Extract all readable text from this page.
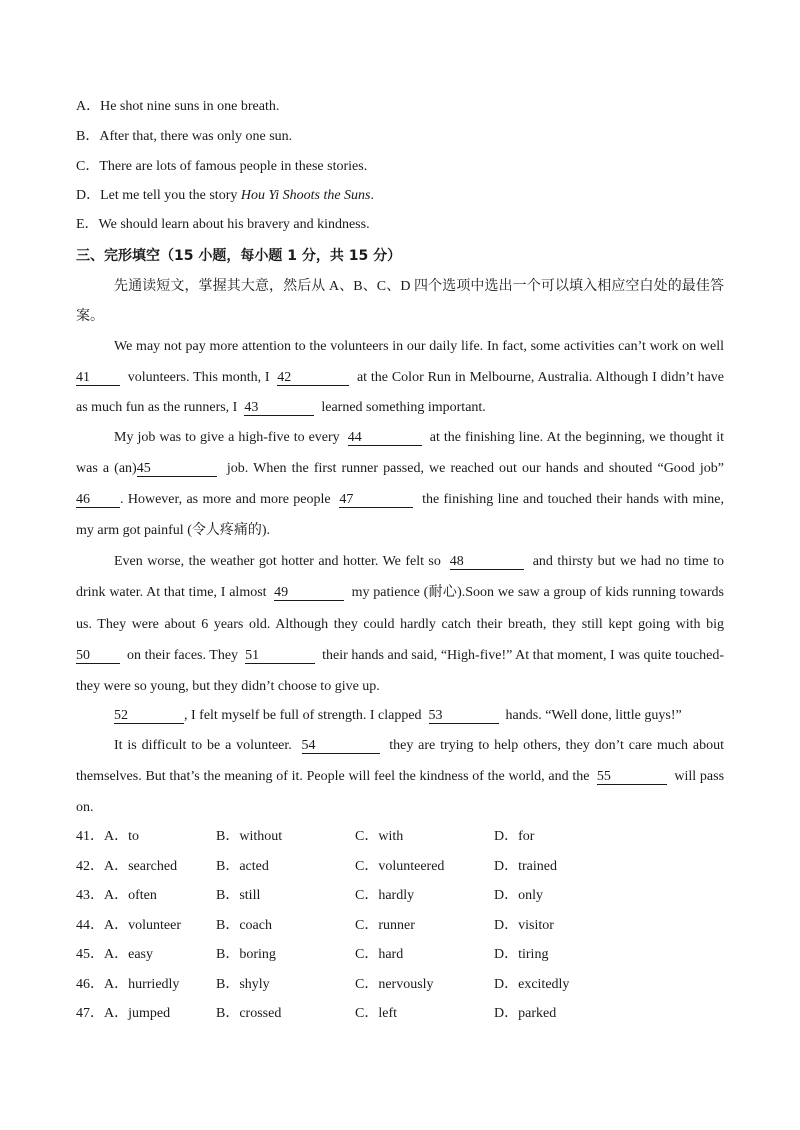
A．He shot nine suns in one breath.
B．After that, there was only one sun.
C．There are lots of famous people in these stories.
D．Let me tell you the story Hou Yi Shoots the Suns.
E．We should learn about his bravery and kindness.
三、完形填空（15 小题，每小题 1 分，共 15 分）
先通读短文，掌握其大意，然后从 A、B、C、D 四个选项中选出一个可以填入相应空白处的最佳答
案。
We may not pay more attention to the volunteers in our daily life. In fact, some activities can’t work on well
41	volunteers. This month, I 42	at the Color Run in Melbourne, Australia. Although I didn’t have
as much fun as the runners, I 43	learned something important.
My job was to give a high-five to every 44	at the finishing line. At the beginning, we thought it
was a (an)45	job. When the first runner passed, we reached out our hands and shouted “Good job”
46 . However, as more and more people 47	the finishing line and touched their hands with mine,
my arm got painful (令人疼痛的).
Even worse, the weather got hotter and hotter. We felt so 48	and thirsty but we had no time to
drink water. At that time, I almost 49	my patience (耐心).Soon we saw a group of kids running towards
us. They were about 6 years old. Although they could hardly catch their breath, they still kept going with big
50	on their faces. They 51	their hands and said, “High-five!” At that moment, I was quite touched-
they were so young, but they didn’t choose to give up.
52	, I felt myself be full of strength. I clapped 53	hands. “Well done, little guys!”
It is difficult to be a volunteer. 54	they are trying to help others, they don’t care much about
themselves. But that’s the meaning of it. People will feel the kindness of the world, and the 55	will pass
on.
41．A．to	B．without	C．with	D．for
42．A．searched	B．acted	C．volunteered	D．trained
43．A．often	B．still	C．hardly	D．only
44．A．volunteer	B．coach	C．runner	D．visitor
45．A．easy	B．boring	C．hard	D．tiring
46．A．hurriedly	B．shyly	C．nervously	D．excitedly
47．A．jumped	B．crossed	C．left	D．parked
